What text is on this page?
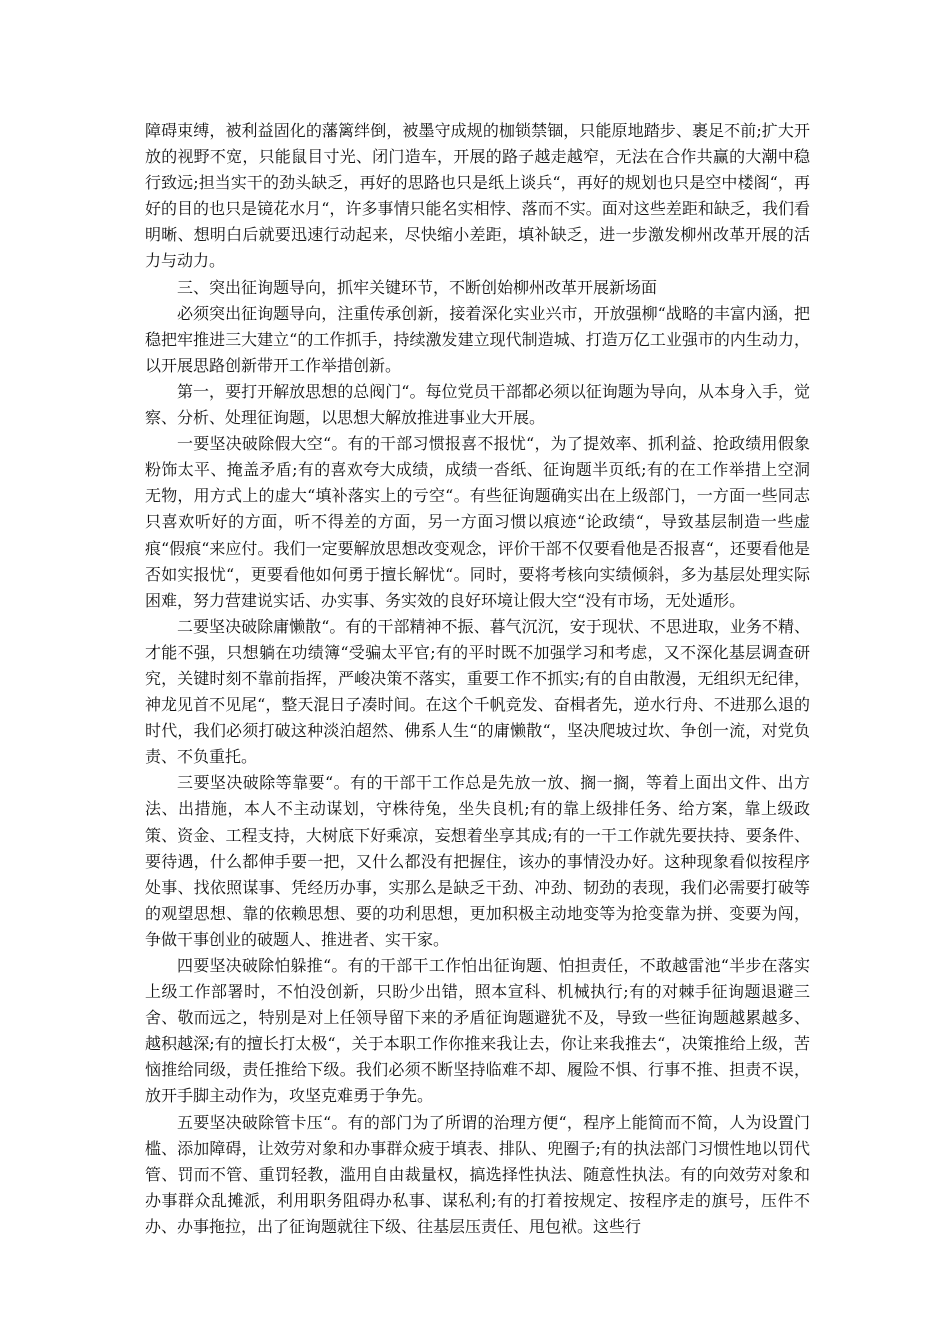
障碍束缚，被利益固化的藩篱绊倒，被墨守成规的枷锁禁锢，只能原地踏步、裹足不前;扩大开放的视野不宽，只能鼠目寸光、闭门造车，开展的路子越走越窄，无法在合作共赢的大潮中稳行致远;担当实干的劲头缺乏，再好的思路也只是纸上谈兵“，再好的规划也只是空中楼阁“，再好的目的也只是镜花水月“，许多事情只能名实相悖、落而不实。面对这些差距和缺乏，我们看明晰、想明白后就要迅速行动起来，尽快缩小差距，填补缺乏，进一步激发柳州改革开展的活力与动力。

三、突出征询题导向，抓牢关键环节，不断创始柳州改革开展新场面

必须突出征询题导向，注重传承创新，接着深化实业兴市，开放强柳“战略的丰富内涵，把稳把牢推进三大建立“的工作抓手，持续激发建立现代制造城、打造万亿工业强市的内生动力，以开展思路创新带开工作举措创新。

第一，要打开解放思想的总阀门“。每位党员干部都必须以征询题为导向，从本身入手，觉察、分析、处理征询题，以思想大解放推进事业大开展。

一要坚决破除假大空“。有的干部习惯报喜不报忧“，为了提效率、抓利益、抢政绩用假象粉饰太平、掩盖矛盾;有的喜欢夸大成绩，成绩一沓纸、征询题半页纸;有的在工作举措上空洞无物，用方式上的虚大“填补落实上的亏空“。有些征询题确实出在上级部门，一方面一些同志只喜欢听好的方面，听不得差的方面，另一方面习惯以痕迹“论政绩“，导致基层制造一些虚痕“假痕“来应付。我们一定要解放思想改变观念，评价干部不仅要看他是否报喜“，还要看他是否如实报忧“，更要看他如何勇于擅长解忧“。同时，要将考核向实绩倾斜，多为基层处理实际困难，努力营建说实话、办实事、务实效的良好环境让假大空“没有市场，无处遁形。

二要坚决破除庸懒散“。有的干部精神不振、暮气沉沉，安于现状、不思进取，业务不精、才能不强，只想躺在功绩簿“受骗太平官;有的平时既不加强学习和考虑，又不深化基层调查研究，关键时刻不靠前指挥，严峻决策不落实，重要工作不抓实;有的自由散漫，无组织无纪律，神龙见首不见尾“，整天混日子凑时间。在这个千帆竞发、奋楫者先，逆水行舟、不进那么退的时代，我们必须打破这种淡泊超然、佛系人生“的庸懒散“，坚决爬坡过坎、争创一流，对党负责、不负重托。

三要坚决破除等靠要“。有的干部干工作总是先放一放、搁一搁，等着上面出文件、出方法、出措施，本人不主动谋划，守株待兔，坐失良机;有的靠上级排任务、给方案，靠上级政策、资金、工程支持，大树底下好乘凉，妄想着坐享其成;有的一干工作就先要扶持、要条件、要待遇，什么都伸手要一把，又什么都没有把握住，该办的事情没办好。这种现象看似按程序处事、找依照谋事、凭经历办事，实那么是缺乏干劲、冲劲、韧劲的表现，我们必需要打破等的观望思想、靠的依赖思想、要的功利思想，更加积极主动地变等为抢变靠为拼、变要为闯，争做干事创业的破题人、推进者、实干家。

四要坚决破除怕躲推“。有的干部干工作怕出征询题、怕担责任，不敢越雷池“半步在落实上级工作部署时，不怕没创新，只盼少出错，照本宣科、机械执行;有的对棘手征询题退避三舍、敬而远之，特别是对上任领导留下来的矛盾征询题避犹不及，导致一些征询题越累越多、越积越深;有的擅长打太极“，关于本职工作你推来我让去，你让来我推去“，决策推给上级，苦恼推给同级，责任推给下级。我们必须不断坚持临难不却、履险不惧、行事不推、担责不误，放开手脚主动作为，攻坚克难勇于争先。

五要坚决破除管卡压“。有的部门为了所谓的治理方便“，程序上能简而不简，人为设置门槛、添加障碍，让效劳对象和办事群众疲于填表、排队、兜圈子;有的执法部门习惯性地以罚代管、罚而不管、重罚轻教，滥用自由裁量权，搞选择性执法、随意性执法。有的向效劳对象和办事群众乱摊派，利用职务阻碍办私事、谋私利;有的打着按规定、按程序走的旗号，压件不办、办事拖拉，出了征询题就往下级、往基层压责任、甩包袱。这些行
